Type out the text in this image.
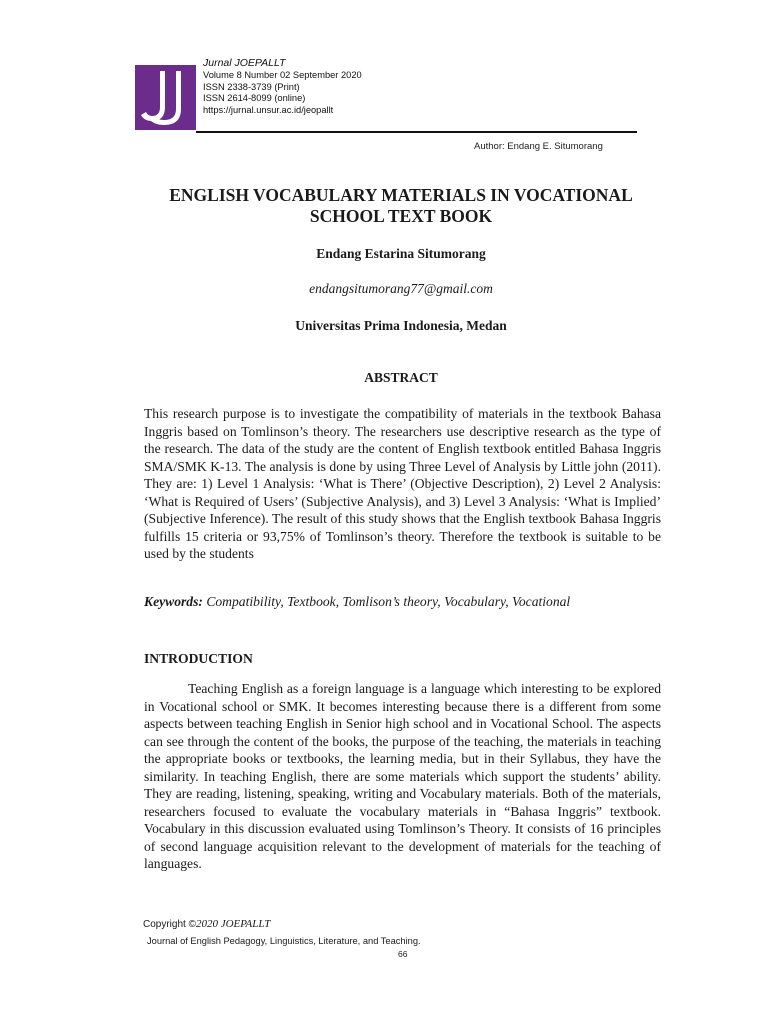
Jurnal JOEPALLT
Volume 8 Number 02 September 2020
ISSN 2338-3739 (Print)
ISSN 2614-8099 (online)
https://jurnal.unsur.ac.id/jeopallt
Author: Endang E. Situmorang
ENGLISH VOCABULARY MATERIALS IN VOCATIONAL
SCHOOL TEXT BOOK
Endang Estarina Situmorang
endangsitumorang77@gmail.com
Universitas Prima Indonesia, Medan
ABSTRACT

This research purpose is to investigate the compatibility of materials in the textbook Bahasa Inggris based on Tomlinson’s theory. The researchers use descriptive research as the type of the research. The data of the study are the content of English textbook entitled Bahasa Inggris SMA/SMK K-13. The analysis is done by using Three Level of Analysis by Little john (2011). They are: 1) Level 1 Analysis: ‘What is There’ (Objective Description), 2) Level 2 Analysis: ‘What is Required of Users’ (Subjective Analysis), and 3) Level 3 Analysis: ‘What is Implied’ (Subjective Inference). The result of this study shows that the English textbook Bahasa Inggris fulfills 15 criteria or 93,75% of Tomlinson’s theory. Therefore the textbook is suitable to be used by the students

Keywords: Compatibility, Textbook, Tomlison’s theory, Vocabulary, Vocational

INTRODUCTION

Teaching English as a foreign language is a language which interesting to be explored in Vocational school or SMK. It becomes interesting because there is a different from some aspects between teaching English in Senior high school and in Vocational School. The aspects can see through the content of the books, the purpose of the teaching, the materials in teaching the appropriate books or textbooks, the learning media, but in their Syllabus, they have the similarity. In teaching English, there are some materials which support the students’ ability. They are reading, listening, speaking, writing and Vocabulary materials. Both of the materials, researchers focused to evaluate the vocabulary materials in “Bahasa Inggris” textbook. Vocabulary in this discussion evaluated using Tomlinson’s Theory. It consists of 16 principles of second language acquisition relevant to the development of materials for the teaching of languages.

Copyright ©2020 JOEPALLT
Journal of English Pedagogy, Linguistics, Literature, and Teaching.
66
